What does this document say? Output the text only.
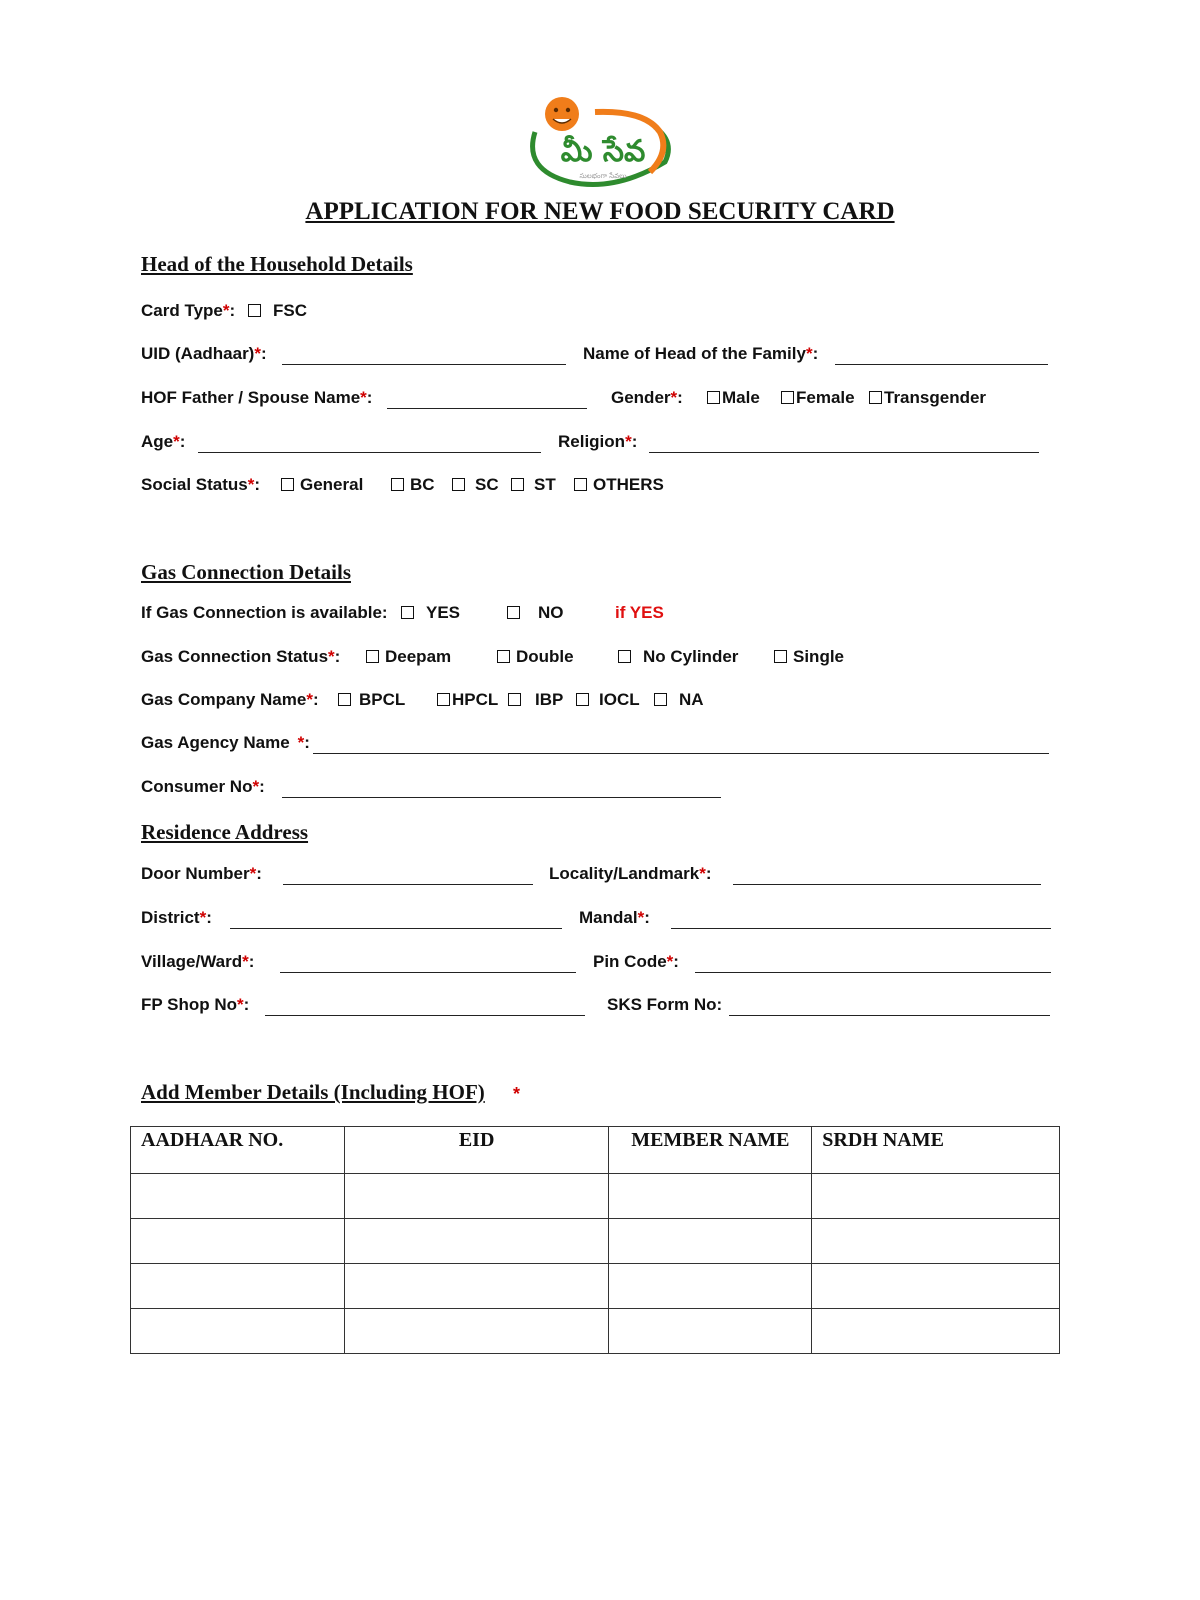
మీ సేవ
సులభంగా సేవలు
APPLICATION FOR NEW FOOD SECURITY CARD
Head of the Household Details
Card Type*:	FSC
UID (Aadhaar)*:	Name of Head of the Family*:
HOF Father / Spouse Name*:	Gender*:	Male	Female	Transgender
Age*:	Religion*:
Social Status*:	General	BC	SC	ST	OTHERS
Gas Connection Details
If Gas Connection is available:	YES	NO	if YES
Gas Connection Status*:	Deepam	Double	No Cylinder	Single
Gas Company Name*:	BPCL	HPCL	IBP	IOCL	NA
Gas Agency Name *:
Consumer No*:
Residence Address
Door Number*:	Locality/Landmark*:
District*:	Mandal*:
Village/Ward*:	Pin Code*:
FP Shop No*:	SKS Form No:
Add Member Details (Including HOF) *
AADHAAR NO.	EID	MEMBER NAME	SRDH NAME
